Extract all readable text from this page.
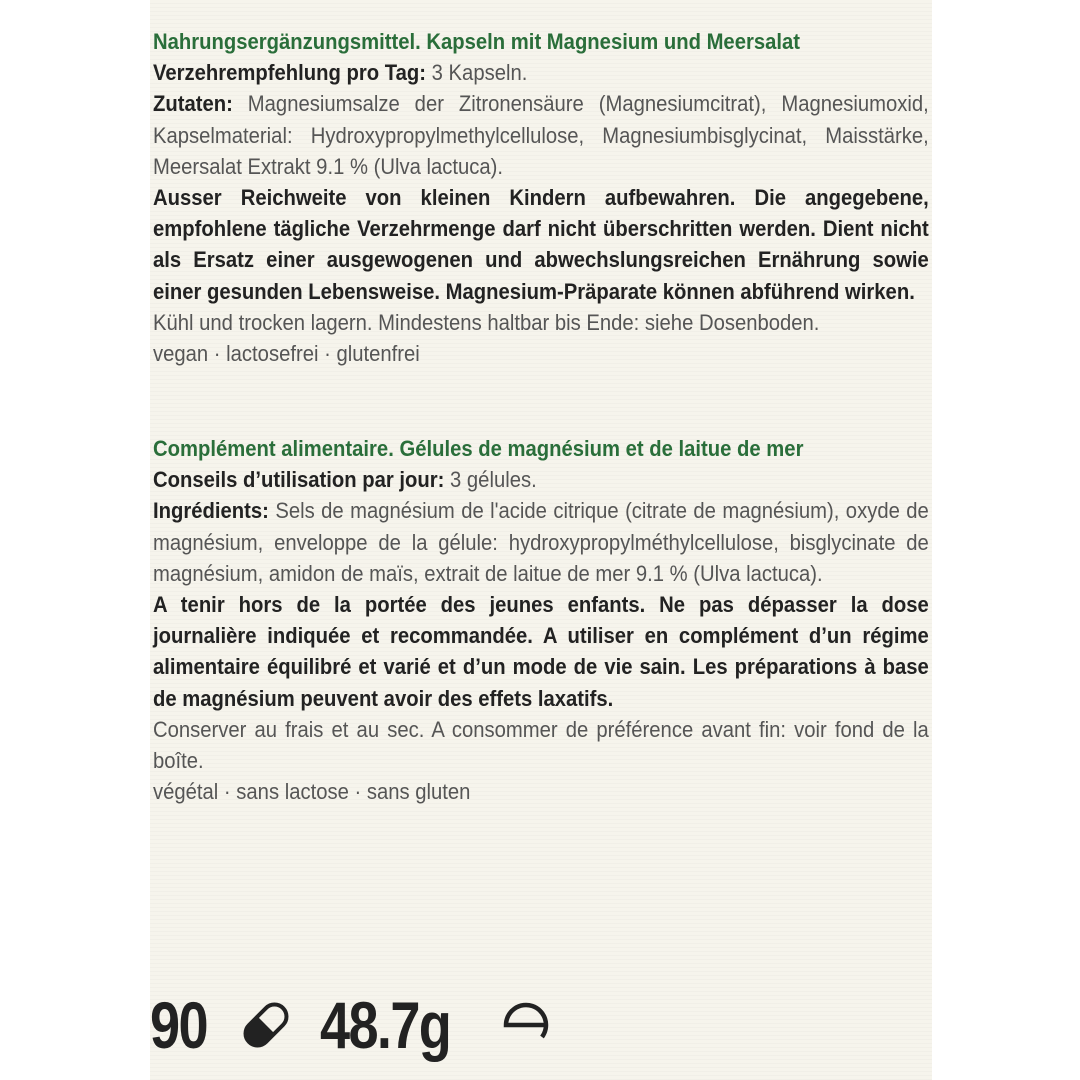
Nahrungsergänzungsmittel. Kapseln mit Magnesium und Meersalat

Verzehrempfehlung pro Tag: 3 Kapseln.

Zutaten: Magnesiumsalze der Zitronensäure (Magnesiumcitrat), Magnesiumoxid, Kapselmaterial: Hydroxypropylmethylcellulose, Magnesiumbisglycinat, Maisstärke, Meersalat Extrakt 9.1 % (Ulva lactuca).

Ausser Reichweite von kleinen Kindern aufbewahren. Die angegebene, empfohlene tägliche Verzehrmenge darf nicht überschritten werden. Dient nicht als Ersatz einer ausgewogenen und abwechslungsreichen Ernährung sowie einer gesunden Lebensweise. Magnesium-Präparate können abführend wirken.

Kühl und trocken lagern. Mindestens haltbar bis Ende: siehe Dosenboden.

vegan · lactosefrei · glutenfrei

Complément alimentaire. Gélules de magnésium et de laitue de mer

Conseils d’utilisation par jour: 3 gélules.

Ingrédients: Sels de magnésium de l'acide citrique (citrate de magnésium), oxyde de magnésium, enveloppe de la gélule: hydroxypropylméthylcellulose, bisglycinate de magnésium, amidon de maïs, extrait de laitue de mer 9.1 % (Ulva lactuca).

A tenir hors de la portée des jeunes enfants. Ne pas dépasser la dose journalière indiquée et recommandée. A utiliser en complément d’un régime alimentaire équilibré et varié et d’un mode de vie sain. Les préparations à base de magnésium peuvent avoir des effets laxatifs.

Conserver au frais et au sec. A consommer de préférence avant fin: voir fond de la boîte.

végétal · sans lactose · sans gluten

90 48.7g
